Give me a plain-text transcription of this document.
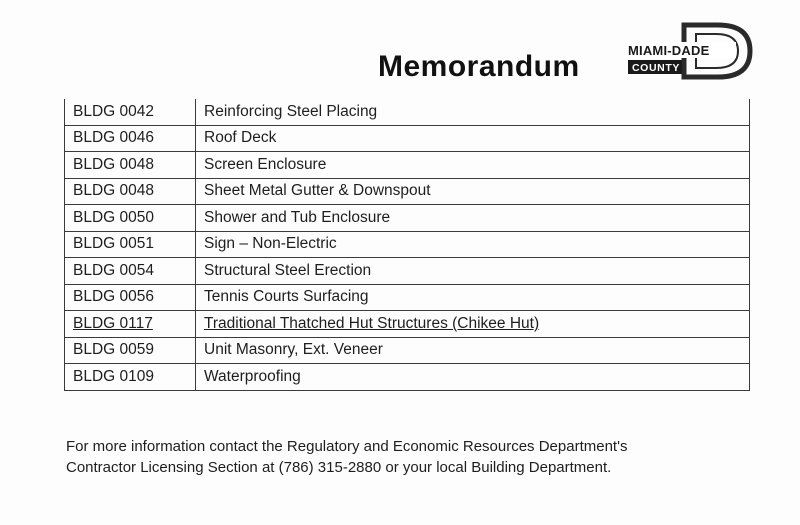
Memorandum	MIAMI-DADE
COUNTY
BLDG 0042	Reinforcing Steel Placing
BLDG 0046	Roof Deck
BLDG 0048	Screen Enclosure
BLDG 0048	Sheet Metal Gutter & Downspout
BLDG 0050	Shower and Tub Enclosure
BLDG 0051	Sign – Non-Electric
BLDG 0054	Structural Steel Erection
BLDG 0056	Tennis Courts Surfacing
BLDG 0117	Traditional Thatched Hut Structures (Chikee Hut)
BLDG 0059	Unit Masonry, Ext. Veneer
BLDG 0109	Waterproofing
For more information contact the Regulatory and Economic Resources Department's
Contractor Licensing Section at (786) 315-2880 or your local Building Department.
